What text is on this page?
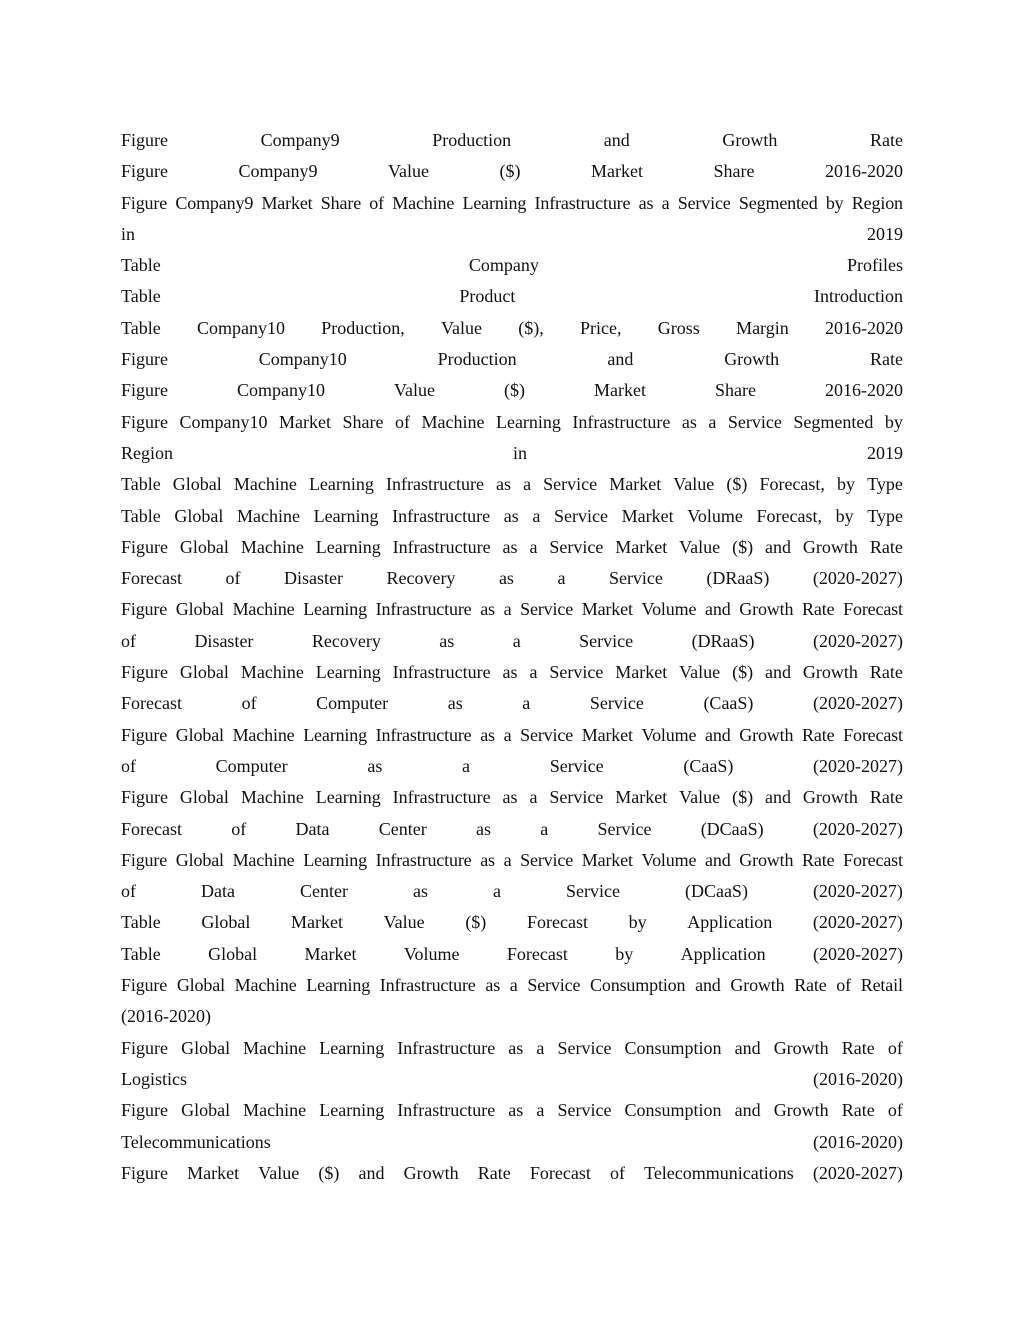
Figure	Company9	Production	and	Growth	Rate
Figure	Company9	Value	($)	Market	Share	2016-2020
Figure Company9 Market Share of Machine Learning Infrastructure as a Service Segmented by Region
in	2019
Table	Company	Profiles
Table	Product	Introduction
Table Company10 Production, Value ($), Price, Gross Margin 2016-2020
Figure	Company10	Production	and	Growth	Rate
Figure	Company10	Value	($)	Market	Share	2016-2020
Figure Company10 Market Share of Machine Learning Infrastructure as a Service Segmented by
Region	in	2019
Table Global Machine Learning Infrastructure as a Service Market Value ($) Forecast, by Type
Table Global Machine Learning Infrastructure as a Service Market Volume Forecast, by Type
Figure Global Machine Learning Infrastructure as a Service Market Value ($) and Growth Rate
Forecast of Disaster Recovery as a Service (DRaaS) (2020-2027)
Figure Global Machine Learning Infrastructure as a Service Market Volume and Growth Rate Forecast
of	Disaster	Recovery	as	a	Service	(DRaaS)	(2020-2027)
Figure Global Machine Learning Infrastructure as a Service Market Value ($) and Growth Rate
Forecast	of	Computer	as	a	Service	(CaaS)	(2020-2027)
Figure Global Machine Learning Infrastructure as a Service Market Volume and Growth Rate Forecast
of	Computer	as	a	Service	(CaaS)	(2020-2027)
Figure Global Machine Learning Infrastructure as a Service Market Value ($) and Growth Rate
Forecast	of	Data	Center	as	a	Service	(DCaaS)	(2020-2027)
Figure Global Machine Learning Infrastructure as a Service Market Volume and Growth Rate Forecast
of	Data	Center	as	a	Service	(DCaaS)	(2020-2027)
Table Global Market Value ($) Forecast by Application (2020-2027)
Table	Global	Market	Volume	Forecast	by	Application	(2020-2027)
Figure Global Machine Learning Infrastructure as a Service Consumption and Growth Rate of Retail
(2016-2020)
Figure Global Machine Learning Infrastructure as a Service Consumption and Growth Rate of
Logistics	(2016-2020)
Figure Global Machine Learning Infrastructure as a Service Consumption and Growth Rate of
Telecommunications	(2016-2020)
Figure Market Value ($) and Growth Rate Forecast of Telecommunications (2020-2027)
